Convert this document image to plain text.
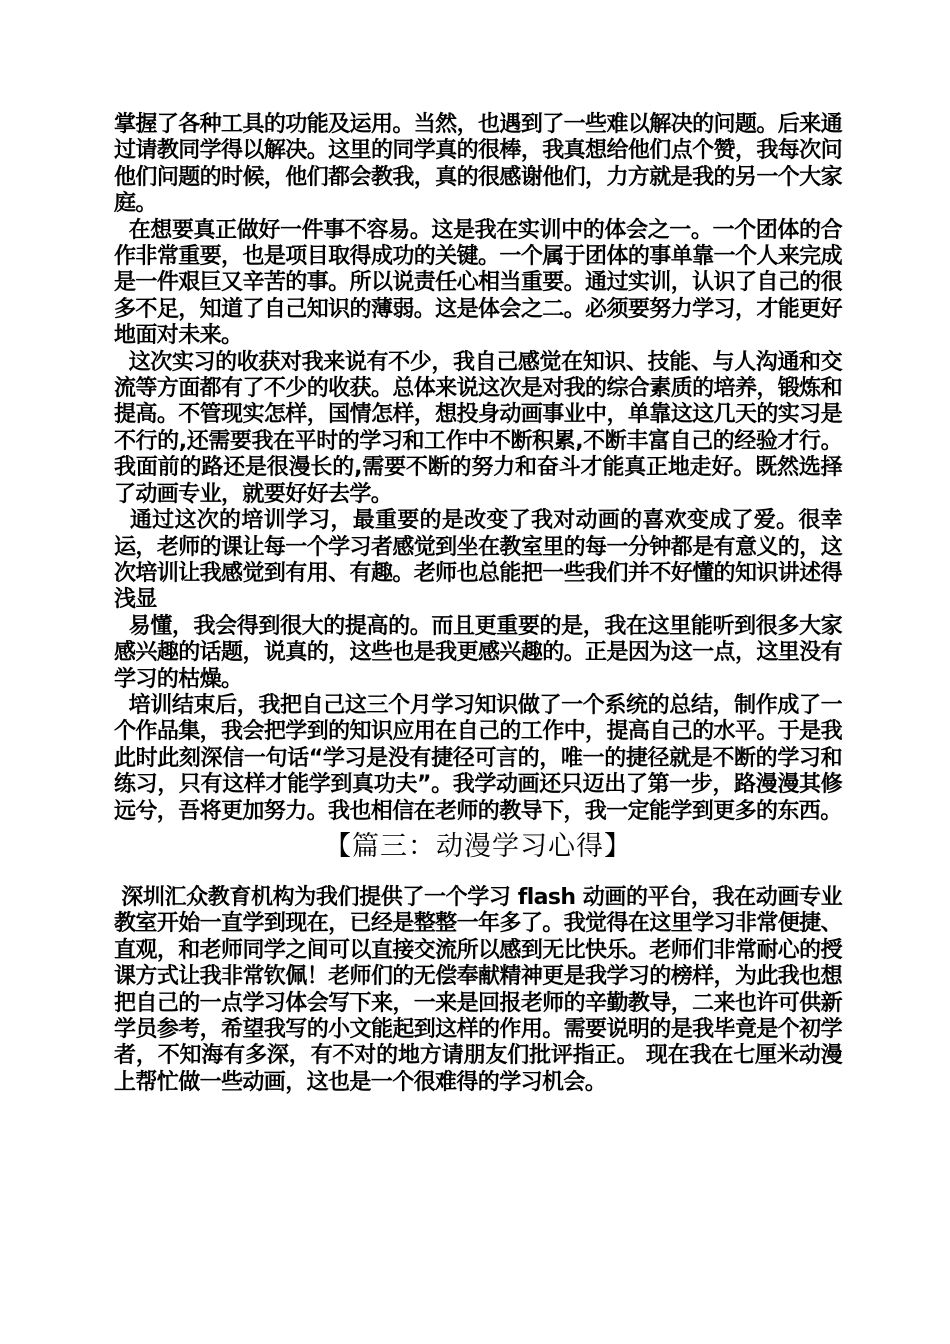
掌握了各种工具的功能及运用。当然，也遇到了一些难以解决的问题。后来通过请教同学得以解决。这里的同学真的很棒，我真想给他们点个赞，我每次问他们问题的时候，他们都会教我，真的很感谢他们，力方就是我的另一个大家庭。

在想要真正做好一件事不容易。这是我在实训中的体会之一。一个团体的合作非常重要，也是项目取得成功的关键。一个属于团体的事单靠一个人来完成是一件艰巨又辛苦的事。所以说责任心相当重要。通过实训，认识了自己的很多不足，知道了自己知识的薄弱。这是体会之二。必须要努力学习，才能更好地面对未来。

这次实习的收获对我来说有不少，我自己感觉在知识、技能、与人沟通和交流等方面都有了不少的收获。总体来说这次是对我的综合素质的培养，锻炼和提高。不管现实怎样，国情怎样，想投身动画事业中，单靠这这几天的实习是不行的,还需要我在平时的学习和工作中不断积累,不断丰富自己的经验才行。我面前的路还是很漫长的,需要不断的努力和奋斗才能真正地走好。既然选择了动画专业，就要好好去学。

通过这次的培训学习，最重要的是改变了我对动画的喜欢变成了爱。很幸运，老师的课让每一个学习者感觉到坐在教室里的每一分钟都是有意义的，这次培训让我感觉到有用、有趣。老师也总能把一些我们并不好懂的知识讲述得浅显

易懂，我会得到很大的提高的。而且更重要的是，我在这里能听到很多大家感兴趣的话题，说真的，这些也是我更感兴趣的。正是因为这一点，这里没有学习的枯燥。

培训结束后，我把自己这三个月学习知识做了一个系统的总结，制作成了一个作品集，我会把学到的知识应用在自己的工作中，提高自己的水平。于是我此时此刻深信一句话“学习是没有捷径可言的，唯一的捷径就是不断的学习和练习，只有这样才能学到真功夫”。我学动画还只迈出了第一步，路漫漫其修远兮，吾将更加努力。我也相信在老师的教导下，我一定能学到更多的东西。

【篇三：动漫学习心得】

深圳汇众教育机构为我们提供了一个学习 flash 动画的平台，我在动画专业教室开始一直学到现在，已经是整整一年多了。我觉得在这里学习非常便捷、直观，和老师同学之间可以直接交流所以感到无比快乐。老师们非常耐心的授课方式让我非常钦佩！老师们的无偿奉献精神更是我学习的榜样，为此我也想把自己的一点学习体会写下来，一来是回报老师的辛勤教导，二来也许可供新学员参考，希望我写的小文能起到这样的作用。需要说明的是我毕竟是个初学者，不知海有多深，有不对的地方请朋友们批评指正。 现在我在七厘米动漫上帮忙做一些动画，这也是一个很难得的学习机会。
